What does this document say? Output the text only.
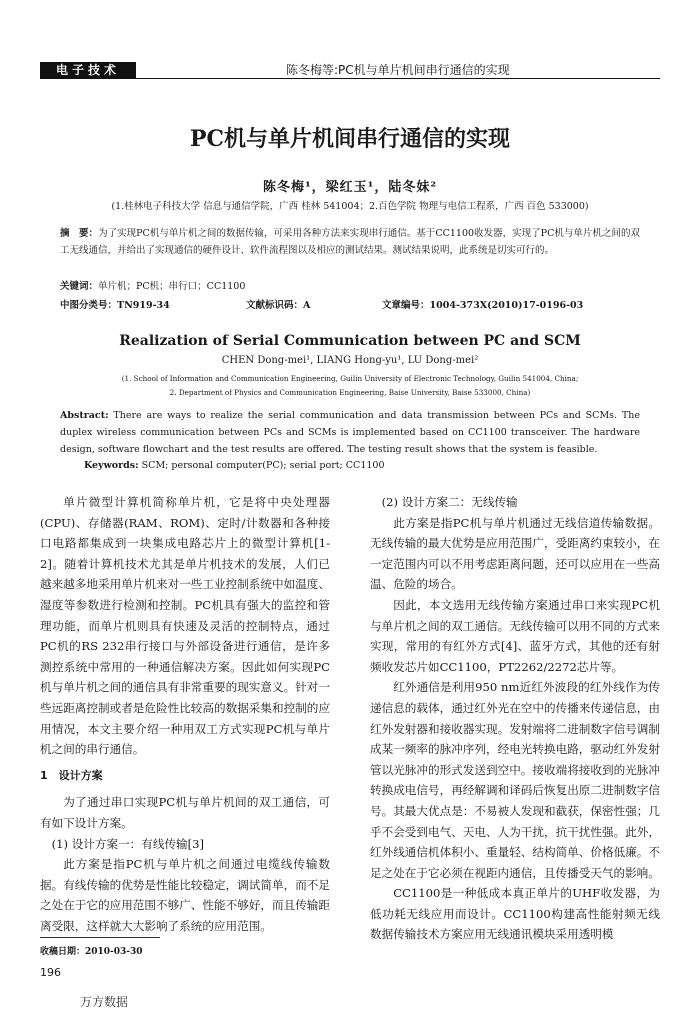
电子技术	陈冬梅等:PC机与单片机间串行通信的实现
PC机与单片机间串行通信的实现
陈冬梅¹，梁红玉¹，陆冬妹²
(1.桂林电子科技大学 信息与通信学院，广西 桂林 541004；2.百色学院 物理与电信工程系，广西 百色 533000)
摘　要：为了实现PC机与单片机之间的数据传输，可采用各种方法来实现串行通信。基于CC1100收发器，实现了PC机与单片机之间的双工无线通信，并给出了实现通信的硬件设计、软件流程图以及相应的测试结果。测试结果说明，此系统是切实可行的。
关键词：单片机；PC机；串行口；CC1100
中图分类号：TN919-34	文献标识码：A	文章编号：1004-373X(2010)17-0196-03
Realization of Serial Communication between PC and SCM
CHEN Dong-mei¹, LIANG Hong-yu¹, LU Dong-mei²
(1. School of Information and Communication Engineering, Guilin University of Electronic Technology, Guilin 541004, China;
2. Department of Physics and Communication Engineering, Baise University, Baise 533000, China)
Abstract: There are ways to realize the serial communication and data transmission between PCs and SCMs. The duplex wireless communication between PCs and SCMs is implemented based on CC1100 transceiver. The hardware design, software flowchart and the test results are offered. The testing result shows that the system is feasible.
Keywords: SCM; personal computer(PC); serial port; CC1100

单片微型计算机简称单片机，它是将中央处理器(CPU)、存储器(RAM、ROM)、定时/计数器和各种接口电路都集成到一块集成电路芯片上的微型计算机[1-2]。随着计算机技术尤其是单片机技术的发展，人们已越来越多地采用单片机来对一些工业控制系统中如温度、湿度等参数进行检测和控制。PC机具有强大的监控和管理功能，而单片机则具有快速及灵活的控制特点，通过PC机的RS 232串行接口与外部设备进行通信，是许多测控系统中常用的一种通信解决方案。因此如何实现PC机与单片机之间的通信具有非常重要的现实意义。针对一些远距离控制或者是危险性比较高的数据采集和控制的应用情况，本文主要介绍一种用双工方式实现PC机与单片机之间的串行通信。

1　设计方案

为了通过串口实现PC机与单片机间的双工通信，可有如下设计方案。

(1) 设计方案一：有线传输[3]

此方案是指PC机与单片机之间通过电缆线传输数据。有线传输的优势是性能比较稳定，调试简单，而不足之处在于它的应用范围不够广、性能不够好，而且传输距离受限，这样就大大影响了系统的应用范围。

(2) 设计方案二：无线传输

此方案是指PC机与单片机通过无线信道传输数据。无线传输的最大优势是应用范围广，受距离约束较小，在一定范围内可以不用考虑距离问题，还可以应用在一些高温、危险的场合。

因此，本文选用无线传输方案通过串口来实现PC机与单片机之间的双工通信。无线传输可以用不同的方式来实现，常用的有红外方式[4]、蓝牙方式，其他的还有射频收发芯片如CC1100，PT2262/2272芯片等。

红外通信是利用950 nm近红外波段的红外线作为传递信息的载体，通过红外光在空中的传播来传递信息，由红外发射器和接收器实现。发射端将二进制数字信号调制成某一频率的脉冲序列，经电光转换电路，驱动红外发射管以光脉冲的形式发送到空中。接收端将接收到的光脉冲转换成电信号，再经解调和译码后恢复出原二进制数字信号。其最大优点是：不易被人发现和截获，保密性强；几乎不会受到电气、天电、人为干扰，抗干扰性强。此外，红外线通信机体积小、重量轻、结构简单、价格低廉。不足之处在于它必须在视距内通信，且传播受天气的影响。

CC1100是一种低成本真正单片的UHF收发器，为低功耗无线应用而设计。CC1100构建高性能射频无线数据传输技术方案应用无线通讯模块采用透明模

收稿日期：2010-03-30
196
万方数据
